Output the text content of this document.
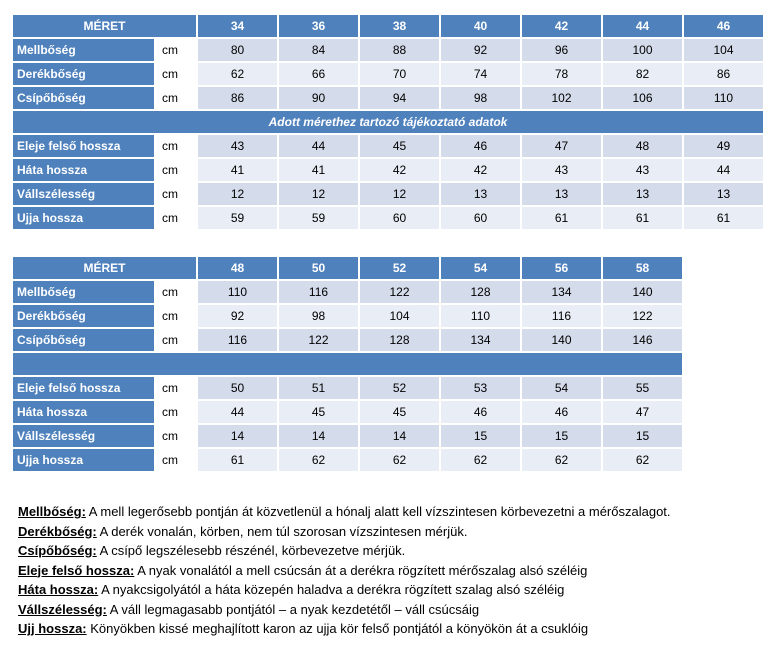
MÉRET		34	36	38	40	42	44	46
Mellbőség	cm	80	84	88	92	96	100	104
Derékbőség	cm	62	66	70	74	78	82	86
Csípőbőség	cm	86	90	94	98	102	106	110
Adott mérethez tartozó tájékoztató adatok								
Eleje felső hossza	cm	43	44	45	46	47	48	49
Háta hossza	cm	41	41	42	42	43	43	44
Vállszélesség	cm	12	12	12	13	13	13	13
Ujja hossza	cm	59	59	60	60	61	61	61
MÉRET		48	50	52	54	56	58
Mellbőség	cm	110	116	122	128	134	140
Derékbőség	cm	92	98	104	110	116	122
Csípőbőség	cm	116	122	128	134	140	146

Eleje felső hossza	cm	50	51	52	53	54	55
Háta hossza	cm	44	45	45	46	46	47
Vállszélesség	cm	14	14	14	15	15	15
Ujja hossza	cm	61	62	62	62	62	62
Mellbőség: A mell legerősebb pontján át közvetlenül a hónalj alatt kell vízszintesen körbevezetni a mérőszalagot.
Derékbőség: A derék vonalán, körben, nem túl szorosan vízszintesen mérjük.
Csípőbőség: A csípő legszélesebb részénél, körbevezetve mérjük.
Eleje felső hossza: A nyak vonalától a mell csúcsán át a derékra rögzített mérőszalag alsó széléig
Háta hossza: A nyakcsigolyától a háta közepén haladva a derékra rögzített szalag alsó széléig
Vállszélesség: A váll legmagasabb pontjától – a nyak kezdetétől – váll csúcsáig
Ujj hossza: Könyökben kissé meghajlított karon az ujja kör felső pontjától a könyökön át a csuklóig
